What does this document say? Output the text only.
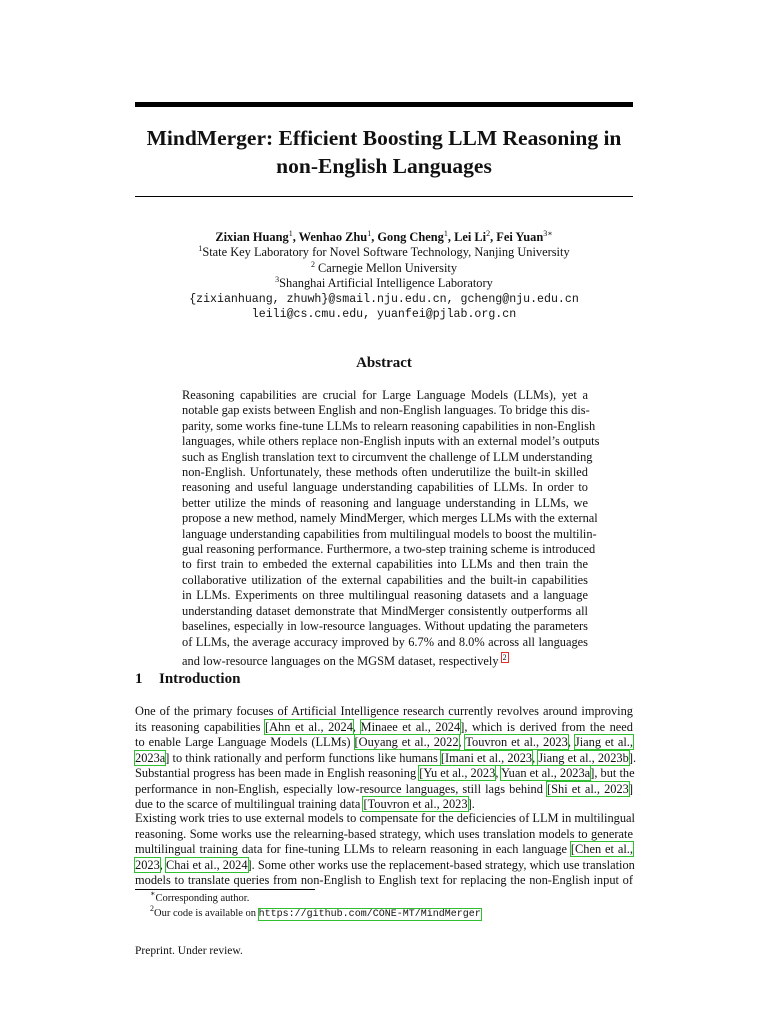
MindMerger: Efficient Boosting LLM Reasoning in
non-English Languages
Zixian Huang$^1$, Wenhao Zhu$^1$, Gong Cheng$^1$, Lei Li$^2$, Fei Yuan$^{3∗}$
$^1$State Key Laboratory for Novel Software Technology, Nanjing University
$^2$ Carnegie Mellon University
$^3$Shanghai Artificial Intelligence Laboratory
{zixianhuang, zhuwh}@smail.nju.edu.cn, gcheng@nju.edu.cn
leili@cs.cmu.edu, yuanfei@pjlab.org.cn
Abstract
Reasoning capabilities are crucial for Large Language Models (LLMs), yet a
notable gap exists between English and non-English languages. To bridge this dis-
parity, some works fine-tune LLMs to relearn reasoning capabilities in non-English
languages, while others replace non-English inputs with an external model’s outputs
such as English translation text to circumvent the challenge of LLM understanding
non-English. Unfortunately, these methods often underutilize the built-in skilled
reasoning and useful language understanding capabilities of LLMs. In order to
better utilize the minds of reasoning and language understanding in LLMs, we
propose a new method, namely MindMerger, which merges LLMs with the external
language understanding capabilities from multilingual models to boost the multilin-
gual reasoning performance. Furthermore, a two-step training scheme is introduced
to first train to embeded the external capabilities into LLMs and then train the
collaborative utilization of the external capabilities and the built-in capabilities
in LLMs. Experiments on three multilingual reasoning datasets and a language
understanding dataset demonstrate that MindMerger consistently outperforms all
baselines, especially in low-resource languages. Without updating the parameters
of LLMs, the average accuracy improved by 6.7% and 8.0% across all languages
and low-resource languages on the MGSM dataset, respectively $^2$
1 Introduction
One of the primary focuses of Artificial Intelligence research currently revolves around improving
its reasoning capabilities [Ahn et al., 2024, Minaee et al., 2024], which is derived from the need
to enable Large Language Models (LLMs) [Ouyang et al., 2022, Touvron et al., 2023, Jiang et al.,
2023a] to think rationally and perform functions like humans [Imani et al., 2023, Jiang et al., 2023b].
Substantial progress has been made in English reasoning [Yu et al., 2023, Yuan et al., 2023a], but the
performance in non-English, especially low-resource languages, still lags behind [Shi et al., 2023]
due to the scarce of multilingual training data [Touvron et al., 2023].
Existing work tries to use external models to compensate for the deficiencies of LLM in multilingual
reasoning. Some works use the relearning-based strategy, which uses translation models to generate
multilingual training data for fine-tuning LLMs to relearn reasoning in each language [Chen et al.,
2023, Chai et al., 2024]. Some other works use the replacement-based strategy, which use translation
models to translate queries from non-English to English text for replacing the non-English input of
∗Corresponding author.
$^2$Our code is available on https://github.com/CONE-MT/MindMerger
Preprint. Under review.
